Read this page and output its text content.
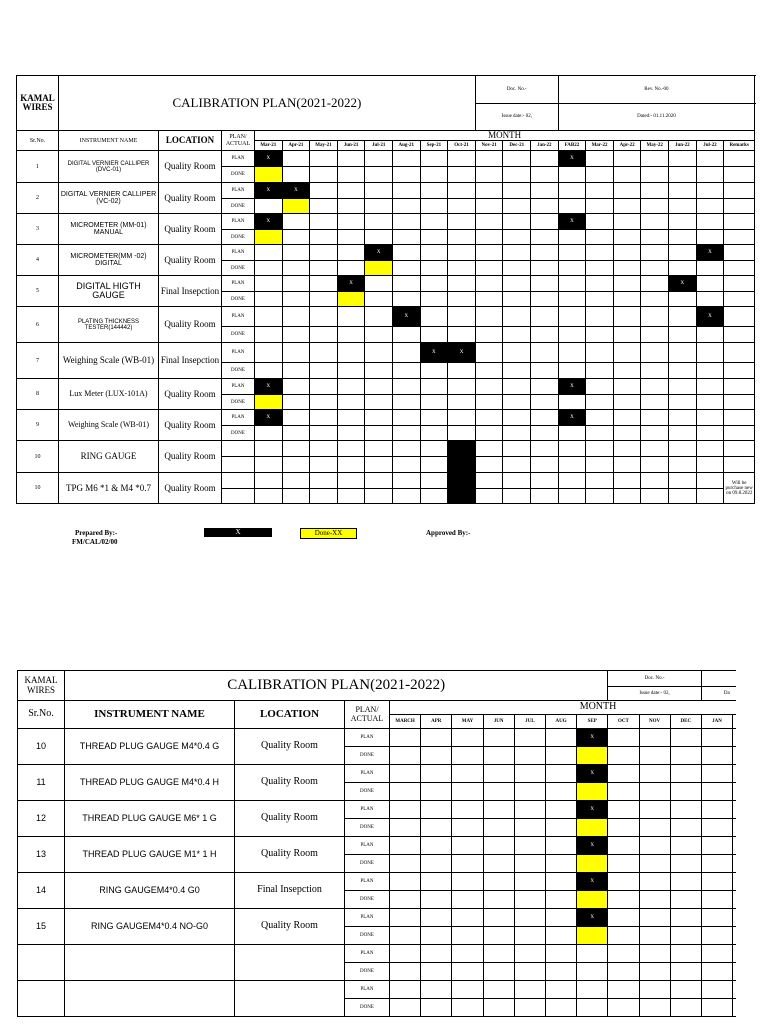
KAMAL WIRES	CALIBRATION PLAN(2021-2022)											Doc. No.-			Rev. No.-00						
												Issue date:- 02,			Dated:- 01.11.2020						
Sr.No.	INSTRUMENT NAME	LOCATION	PLAN/ ACTUAL	MONTH																	
				Mar-21	Apr-21	May-21	Jun-21	Jul-21	Aug-21	Sep-21	Oct-21	Nov-21	Dec-21	Jan-22	FAB22	Mar-22	Apr-22	May-22	Jun-22	Jul-22	Remarks
1	DIGITAL VERNIER CALLIPER (DVC-01)	Quality Room	PLAN	X											X						
			DONE																		
2	DIGITAL VERNIER CALLIPER (VC-02)	Quality Room	PLAN	X	X																
			DONE																		
3	MICROMETER (MM-01) MANUAL	Quality Room	PLAN	X											X						
			DONE																		
4	MICROMETER(MM -02) DIGITAL	Quality Room	PLAN					X												X	
			DONE																		
5	DIGITAL HIGTH GAUGE	Final Insepction	PLAN				X												X		
			DONE																		
6	PLATING THICKNESS TESTER(144442)	Quality Room	PLAN						X											X	
			DONE																		
7	Weighing Scale (WB-01)	Final Insepction	PLAN							X	X										
			DONE																		
8	Lux Meter (LUX-101A)	Quality Room	PLAN	X											X						
			DONE																		
9	Weighing Scale (WB-01)	Quality Room	PLAN	X											X						
			DONE																		
10	RING GAUGE	Quality Room																			

10	TPG M6 *1 & M4 *0.7	Quality Room																			Will be purchase new on 09.8.2022

Prepared By:-
FM/CAL/02/00
X	Done-XX	Approved By:-
KAMAL WIRES	CALIBRATION PLAN(2021-2022)										Doc. No.-				
											Issue date:- 02,			Da	
Sr.No.	INSTRUMENT NAME	LOCATION	PLAN/ ACTUAL	MONTH											
				MARCH	APR	MAY	JUN	JUL	AUG	SEP	OCT	NOV	DEC	JAN	
10	THREAD PLUG GAUGE M4*0.4 G	Quality Room	PLAN							X					
			DONE												
11	THREAD PLUG GAUGE M4*0.4 H	Quality Room	PLAN							X					
			DONE												
12	THREAD PLUG GAUGE M6* 1 G	Quality Room	PLAN							X					
			DONE												
13	THREAD PLUG GAUGE M1* 1 H	Quality Room	PLAN							X					
			DONE												
14	RING GAUGEM4*0.4 G0	Final Insepction	PLAN							X					
			DONE												
15	RING GAUGEM4*0.4 NO-G0	Quality Room	PLAN							X					
			DONE												
			PLAN												
			DONE												
			PLAN												
			DONE												
